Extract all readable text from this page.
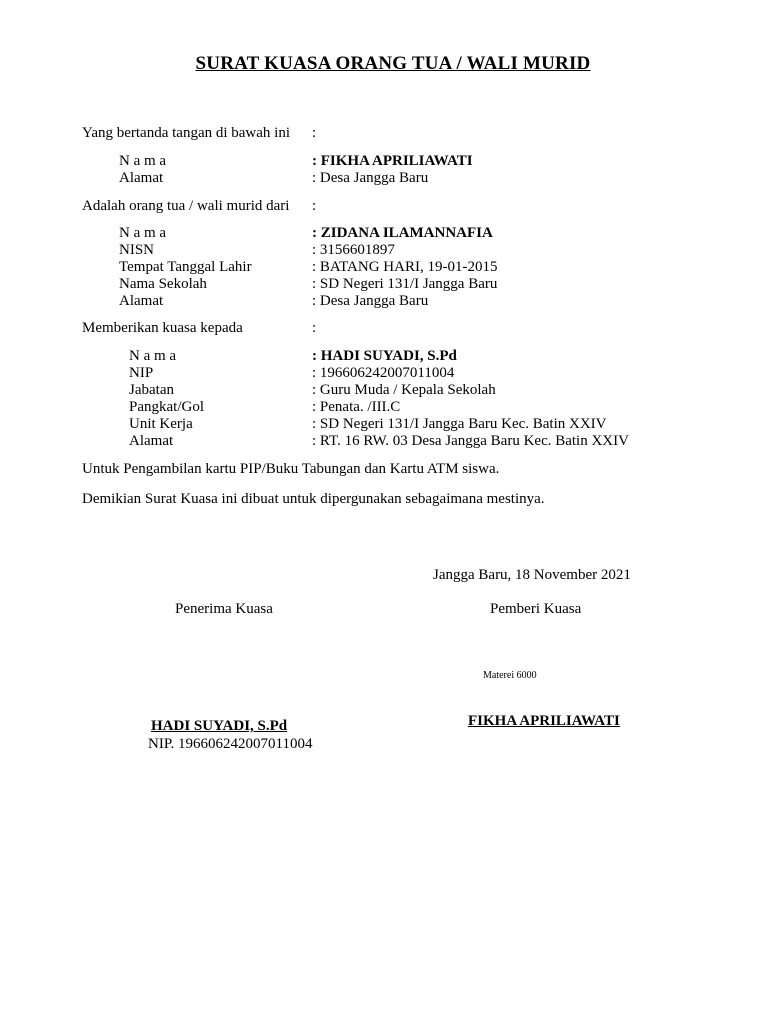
SURAT KUASA ORANG TUA / WALI MURID
Yang bertanda tangan di bawah ini :
N a m a	: FIKHA APRILIAWATI
Alamat	: Desa Jangga Baru
Adalah orang tua / wali murid dari :
N a m a	: ZIDANA ILAMANNAFIA
NISN	: 3156601897
Tempat Tanggal Lahir	: BATANG HARI, 19-01-2015
Nama Sekolah	: SD Negeri 131/I Jangga Baru
Alamat	: Desa Jangga Baru
Memberikan kuasa kepada	:
N a m a	: HADI SUYADI, S.Pd
NIP	: 196606242007011004
Jabatan	: Guru Muda / Kepala Sekolah
Pangkat/Gol	: Penata. /III.C
Unit Kerja	: SD Negeri 131/I Jangga Baru Kec. Batin XXIV
Alamat	: RT. 16 RW. 03 Desa Jangga Baru Kec. Batin XXIV
Untuk Pengambilan kartu PIP/Buku Tabungan dan Kartu ATM siswa.
Demikian Surat Kuasa ini dibuat untuk dipergunakan sebagaimana mestinya.
Jangga Baru, 18 November 2021
Penerima Kuasa	Pemberi Kuasa
Materei 6000
HADI SUYADI, S.Pd
NIP. 196606242007011004
FIKHA APRILIAWATI
